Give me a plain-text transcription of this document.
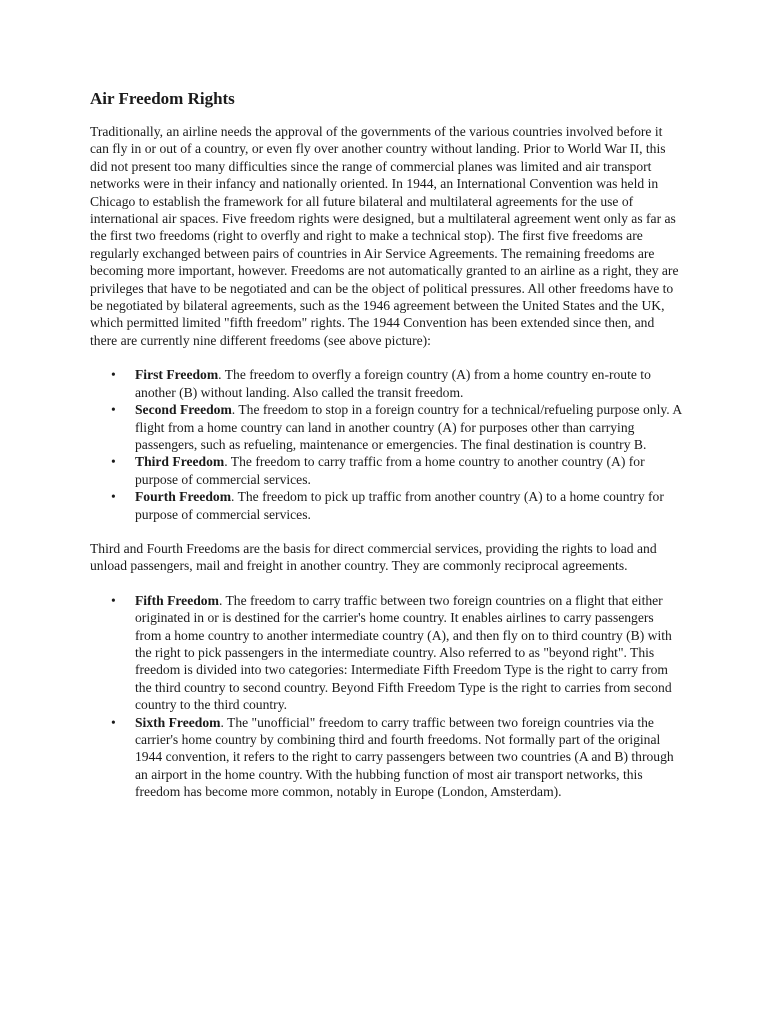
Air Freedom Rights

Traditionally, an airline needs the approval of the governments of the various countries involved before it can fly in or out of a country, or even fly over another country without landing. Prior to World War II, this did not present too many difficulties since the range of commercial planes was limited and air transport networks were in their infancy and nationally oriented. In 1944, an International Convention was held in Chicago to establish the framework for all future bilateral and multilateral agreements for the use of international air spaces. Five freedom rights were designed, but a multilateral agreement went only as far as the first two freedoms (right to overfly and right to make a technical stop). The first five freedoms are regularly exchanged between pairs of countries in Air Service Agreements. The remaining freedoms are becoming more important, however. Freedoms are not automatically granted to an airline as a right, they are privileges that have to be negotiated and can be the object of political pressures. All other freedoms have to be negotiated by bilateral agreements, such as the 1946 agreement between the United States and the UK, which permitted limited "fifth freedom" rights. The 1944 Convention has been extended since then, and there are currently nine different freedoms (see above picture):

• First Freedom. The freedom to overfly a foreign country (A) from a home country en-route to another (B) without landing. Also called the transit freedom.
• Second Freedom. The freedom to stop in a foreign country for a technical/refueling purpose only. A flight from a home country can land in another country (A) for purposes other than carrying passengers, such as refueling, maintenance or emergencies. The final destination is country B.
• Third Freedom. The freedom to carry traffic from a home country to another country (A) for purpose of commercial services.
• Fourth Freedom. The freedom to pick up traffic from another country (A) to a home country for purpose of commercial services.

Third and Fourth Freedoms are the basis for direct commercial services, providing the rights to load and unload passengers, mail and freight in another country. They are commonly reciprocal agreements.

• Fifth Freedom. The freedom to carry traffic between two foreign countries on a flight that either originated in or is destined for the carrier's home country. It enables airlines to carry passengers from a home country to another intermediate country (A), and then fly on to third country (B) with the right to pick passengers in the intermediate country. Also referred to as "beyond right". This freedom is divided into two categories: Intermediate Fifth Freedom Type is the right to carry from the third country to second country. Beyond Fifth Freedom Type is the right to carries from second country to the third country.
• Sixth Freedom. The "unofficial" freedom to carry traffic between two foreign countries via the carrier's home country by combining third and fourth freedoms. Not formally part of the original 1944 convention, it refers to the right to carry passengers between two countries (A and B) through an airport in the home country. With the hubbing function of most air transport networks, this freedom has become more common, notably in Europe (London, Amsterdam).
